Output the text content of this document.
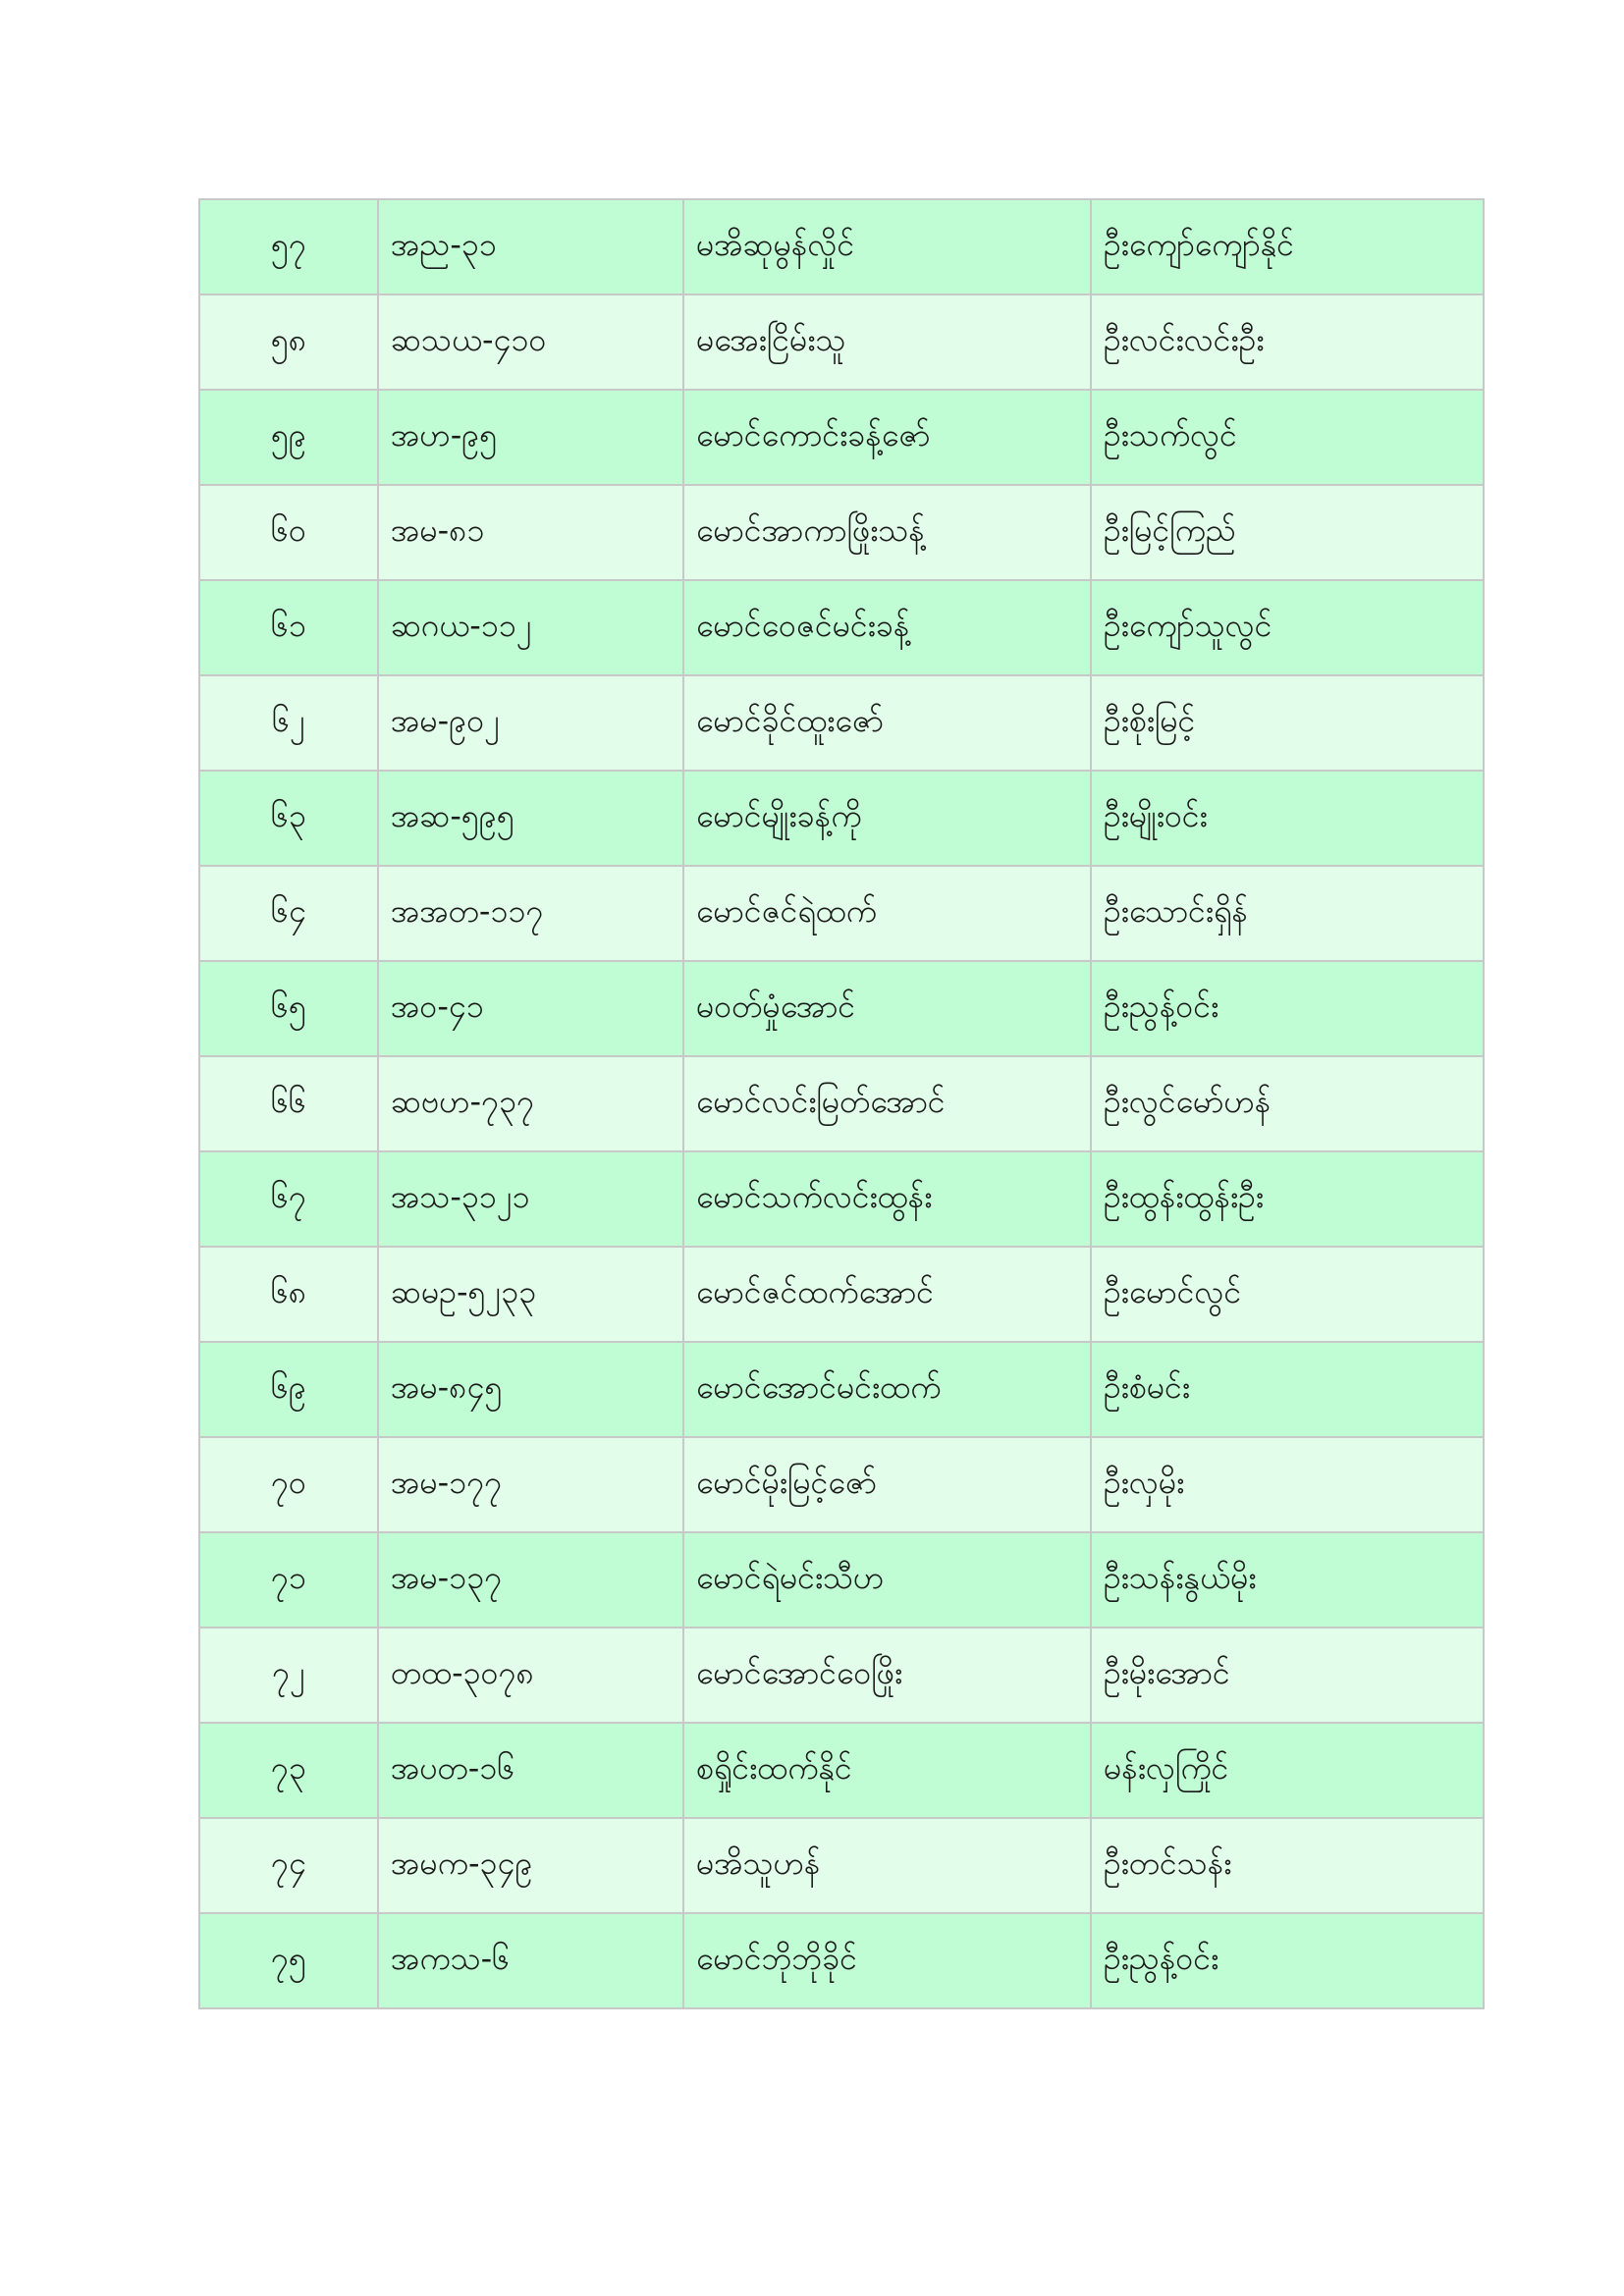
၅၇	အည-၃၁	မအိဆုမွန်လှိုင်	ဦးကျော်ကျော်နိုင်
၅၈	ဆသယ-၄၁၀	မအေးငြိမ်းသူ	ဦးလင်းလင်းဦး
၅၉	အဟ-၉၅	မောင်ကောင်းခန့်ဇော်	ဦးသက်လွင်
၆၀	အမ-၈၁	မောင်အာကာဖြိုးသန့်	ဦးမြင့်ကြည်
၆၁	ဆဂယ-၁၁၂	မောင်ဝေဇင်မင်းခန့်	ဦးကျော်သူလွင်
၆၂	အမ-၉၀၂	မောင်ခိုင်ထူးဇော်	ဦးစိုးမြင့်
၆၃	အဆ-၅၉၅	မောင်မျိုးခန့်ကို	ဦးမျိုးဝင်း
၆၄	အအတ-၁၁၇	မောင်ဇင်ရဲထက်	ဦးသောင်းရှိန်
၆၅	အဝ-၄၁	မဝတ်မှုံအောင်	ဦးညွန့်ဝင်း
၆၆	ဆဗဟ-၇၃၇	မောင်လင်းမြတ်အောင်	ဦးလွင်မော်ဟန်
၆၇	အသ-၃၁၂၁	မောင်သက်လင်းထွန်း	ဦးထွန်းထွန်းဦး
၆၈	ဆမဥ-၅၂၃၃	မောင်ဇင်ထက်အောင်	ဦးမောင်လွင်
၆၉	အမ-၈၄၅	မောင်အောင်မင်းထက်	ဦးစံမင်း
၇၀	အမ-၁၇၇	မောင်မိုးမြင့်ဇော်	ဦးလှမိုး
၇၁	အမ-၁၃၇	မောင်ရဲမင်းသီဟ	ဦးသန်းနွယ်မိုး
၇၂	တထ-၃၀၇၈	မောင်အောင်ဝေဖြိုး	ဦးမိုးအောင်
၇၃	အပတ-၁၆	စရှိုင်းထက်နိုင်	မန်းလှကြိုင်
၇၄	အမက-၃၄၉	မအိသူဟန်	ဦးတင်သန်း
၇၅	အကသ-၆	မောင်ဘိုဘိုခိုင်	ဦးညွန့်ဝင်း
